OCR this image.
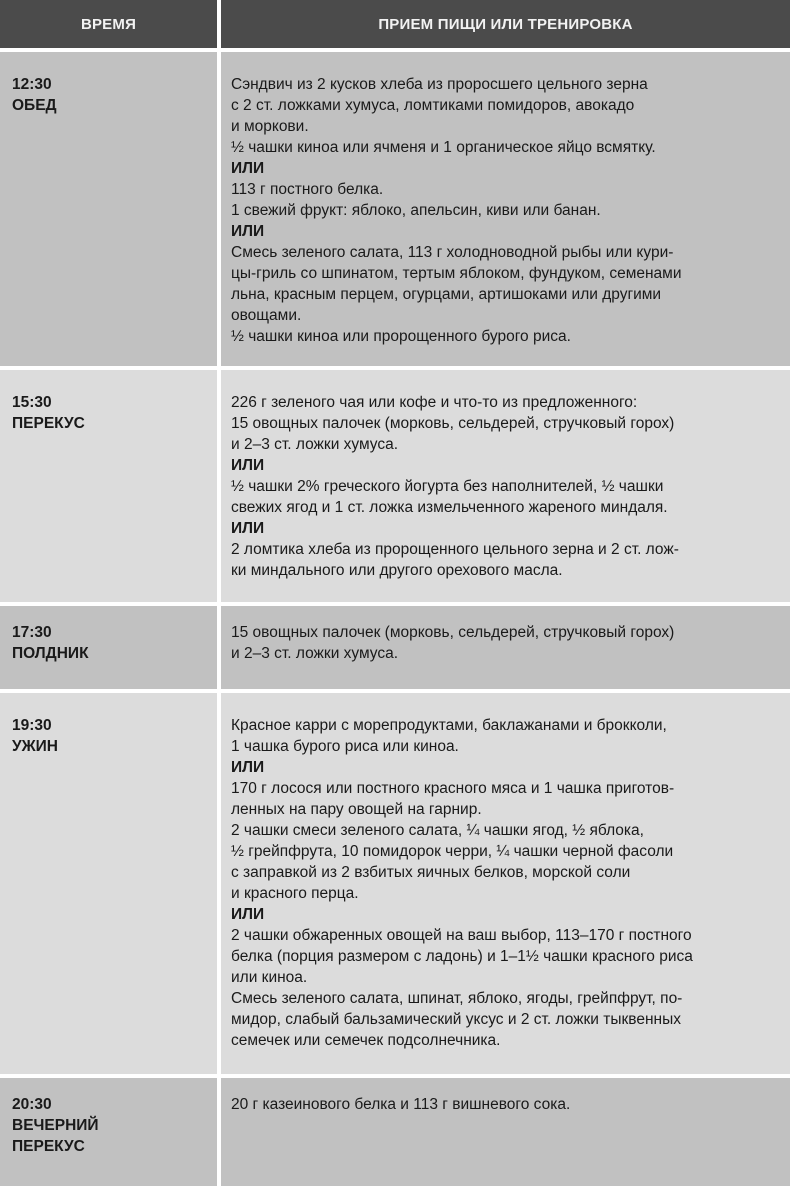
ВРЕМЯ	ПРИЕМ ПИЩИ ИЛИ ТРЕНИРОВКА
12:30
ОБЕД
Сэндвич из 2 кусков хлеба из проросшего цельного зерна
с 2 ст. ложками хумуса, ломтиками помидоров, авокадо
и моркови.
½ чашки киноа или ячменя и 1 органическое яйцо всмятку.
ИЛИ
113 г постного белка.
1 свежий фрукт: яблоко, апельсин, киви или банан.
ИЛИ
Смесь зеленого салата, 113 г холодноводной рыбы или кури-
цы-гриль со шпинатом, тертым яблоком, фундуком, семенами
льна, красным перцем, огурцами, артишоками или другими
овощами.
½ чашки киноа или пророщенного бурого риса.
15:30
ПЕРЕКУС
226 г зеленого чая или кофе и что-то из предложенного:
15 овощных палочек (морковь, сельдерей, стручковый горох)
и 2–3 ст. ложки хумуса.
ИЛИ
½ чашки 2% греческого йогурта без наполнителей, ½ чашки
свежих ягод и 1 ст. ложка измельченного жареного миндаля.
ИЛИ
2 ломтика хлеба из пророщенного цельного зерна и 2 ст. лож-
ки миндального или другого орехового масла.
17:30
ПОЛДНИК
15 овощных палочек (морковь, сельдерей, стручковый горох)
и 2–3 ст. ложки хумуса.
19:30
УЖИН
Красное карри с морепродуктами, баклажанами и брокколи,
1 чашка бурого риса или киноа.
ИЛИ
170 г лосося или постного красного мяса и 1 чашка приготов-
ленных на пару овощей на гарнир.
2 чашки смеси зеленого салата, ¼ чашки ягод, ½ яблока,
½ грейпфрута, 10 помидорок черри, ¼ чашки черной фасоли
с заправкой из 2 взбитых яичных белков, морской соли
и красного перца.
ИЛИ
2 чашки обжаренных овощей на ваш выбор, 113–170 г постного
белка (порция размером с ладонь) и 1–1½ чашки красного риса
или киноа.
Смесь зеленого салата, шпинат, яблоко, ягоды, грейпфрут, по-
мидор, слабый бальзамический уксус и 2 ст. ложки тыквенных
семечек или семечек подсолнечника.
20:30
ВЕЧЕРНИЙ
ПЕРЕКУС
20 г казеинового белка и 113 г вишневого сока.
